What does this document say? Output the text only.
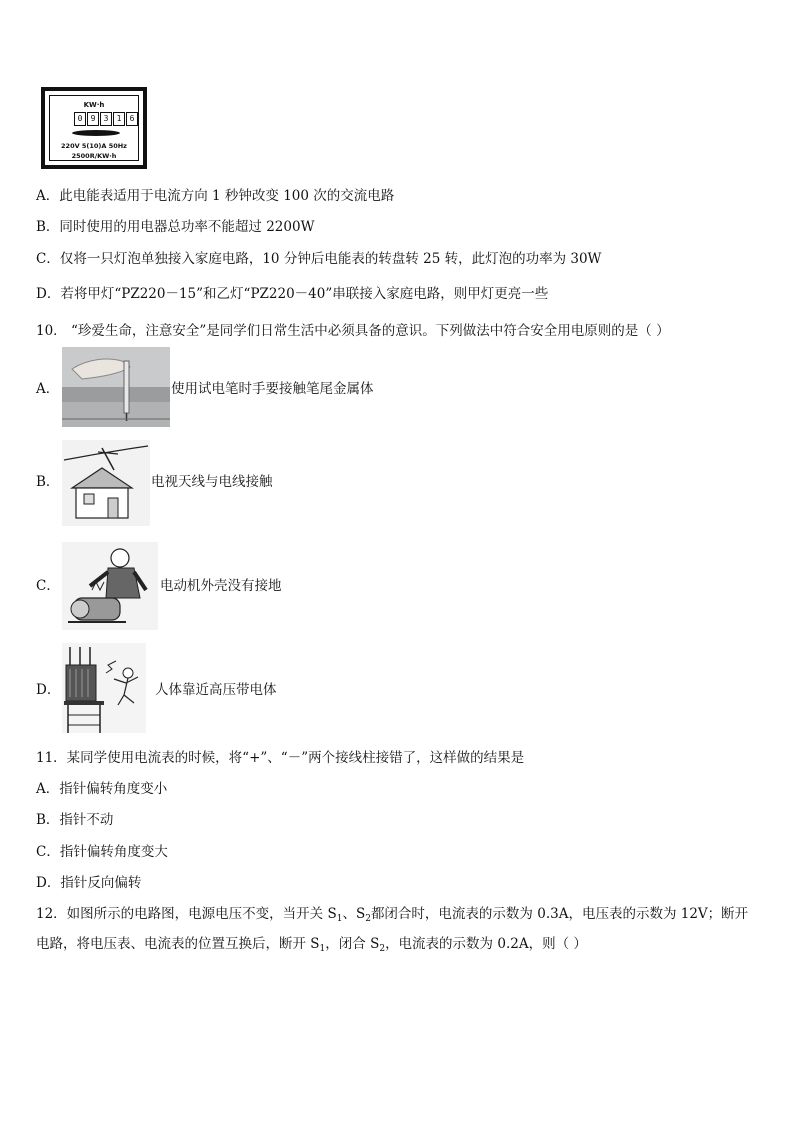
KW·h
0	9	3	1	6
220V 5(10)A 50Hz
2500R/KW·h
A．此电能表适用于电流方向 1 秒钟改变 100 次的交流电路
B．同时使用的用电器总功率不能超过 2200W
C．仅将一只灯泡单独接入家庭电路，10 分钟后电能表的转盘转 25 转，此灯泡的功率为 30W
D．若将甲灯“PZ220－15”和乙灯“PZ220－40”串联接入家庭电路，则甲灯更亮一些
10． “珍爱生命，注意安全”是同学们日常生活中必须具备的意识。下列做法中符合安全用电原则的是（ ）
A．	使用试电笔时手要接触笔尾金属体
B．	电视天线与电线接触
C．	电动机外壳没有接地
D．	人体靠近高压带电体
11．某同学使用电流表的时候，将“+”、“－”两个接线柱接错了，这样做的结果是
A．指针偏转角度变小
B．指针不动
C．指针偏转角度变大
D．指针反向偏转
12．如图所示的电路图，电源电压不变，当开关 $S_1$、$S_2$都闭合时，电流表的示数为 0.3A，电压表的示数为 12V；断开
电路，将电压表、电流表的位置互换后，断开 $S_1$，闭合 $S_2$，电流表的示数为 0.2A，则（ ）
